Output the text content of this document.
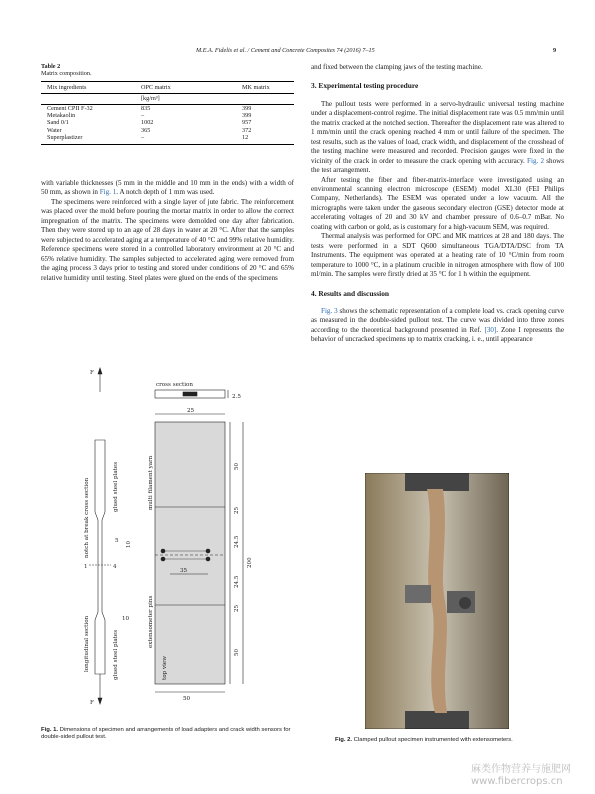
M.E.A. Fidelis et al. / Cement and Concrete Composites 74 (2016) 7–15	9
Table 2
Matrix composition.
Mix ingredients	OPC matrix	MK matrix
	[kg/m³]	
Cement CPII F-32	835	399
Metakaolin	–	399
Sand 0/1	1002	957
Water	365	372
Superplastizer	–	12

with variable thicknesses (5 mm in the middle and 10 mm in the ends) with a width of 50 mm, as shown in Fig. 1. A notch depth of 1 mm was used.

The specimens were reinforced with a single layer of jute fabric. The reinforcement was placed over the mold before pouring the mortar matrix in order to allow the correct impregnation of the matrix. The specimens were demolded one day after fabrication. Then they were stored up to an age of 28 days in water at 20 °C. After that the samples were subjected to accelerated aging at a temperature of 40 °C and 99% relative humidity. Reference specimens were stored in a controlled laboratory environment at 20 °C and 65% relative humidity. The samples subjected to accelerated aging were removed from the aging process 3 days prior to testing and stored under conditions of 20 °C and 65% relative humidity until testing. Steel plates were glued on the ends of the specimens

cross section
25
2.5
F
F
35
50
1	4
5
notch at break cross section	glued steel plates	multi filament yarn
longitudinal section	glued steel plates
extensometer pins
top view
50
25
24.5
24.5
25
50
200
10
10
Fig. 1. Dimensions of specimen and arrangements of load adapters and crack width sensors for double-sided pullout test.

and fixed between the clamping jaws of the testing machine.

3. Experimental testing procedure

The pullout tests were performed in a servo-hydraulic universal testing machine under a displacement-control regime. The initial displacement rate was 0.5 mm/min until the matrix cracked at the notched section. Thereafter the displacement rate was altered to 1 mm/min until the crack opening reached 4 mm or until failure of the specimen. The test results, such as the values of load, crack width, and displacement of the crosshead of the testing machine were measured and recorded. Precision gauges were fixed in the vicinity of the crack in order to measure the crack opening with accuracy. Fig. 2 shows the test arrangement.

After testing the fiber and fiber-matrix-interface were investigated using an environmental scanning electron microscope (ESEM) model XL30 (FEI Philips Company, Netherlands). The ESEM was operated under a low vacuum. All the micrographs were taken under the gaseous secondary electron (GSE) detector mode at accelerating voltages of 20 and 30 kV and chamber pressure of 0.6–0.7 mBar. No coating with carbon or gold, as is customary for a high-vacuum SEM, was required.

Thermal analysis was performed for OPC and MK matrices at 28 and 180 days. The tests were performed in a SDT Q600 simultaneous TGA/DTA/DSC from TA Instruments. The equipment was operated at a heating rate of 10 °C/min from room temperature to 1000 °C, in a platinum crucible in nitrogen atmosphere with flow of 100 ml/min. The samples were firstly dried at 35 °C for 1 h within the equipment.

4. Results and discussion

Fig. 3 shows the schematic representation of a complete load vs. crack opening curve as measured in the double-sided pullout test. The curve was divided into three zones according to the theoretical background presented in Ref. [30]. Zone I represents the behavior of uncracked specimens up to matrix cracking, i. e., until appearance

Fig. 2. Clamped pullout specimen instrumented with extensometers.
麻类作物营养与施肥网
www.fibercrops.cn
